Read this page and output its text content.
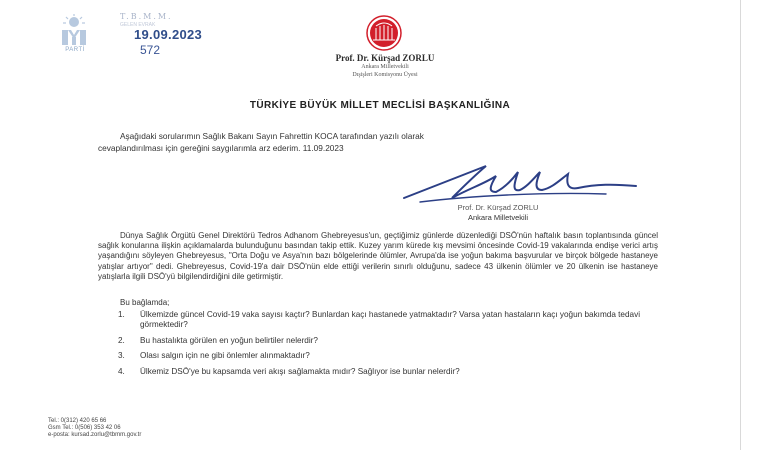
PARTİ
T.B.M.M.
GELEN EVRAK
19.09.2023
572
Prof. Dr. Kürşad ZORLU
Ankara Milletvekili
Dışişleri Komisyonu Üyesi
TÜRKİYE BÜYÜK MİLLET MECLİSİ BAŞKANLIĞINA
Aşağıdaki sorularımın Sağlık Bakanı Sayın Fahrettin KOCA tarafından yazılı olarak
cevaplandırılması için gereğini saygılarımla arz ederim. 11.09.2023
Prof. Dr. Kürşad ZORLU
Ankara Milletvekili
Dünya Sağlık Örgütü Genel Direktörü Tedros Adhanom Ghebreyesus'un, geçtiğimiz günlerde düzenlediği DSÖ'nün haftalık basın toplantısında güncel sağlık konularına ilişkin açıklamalarda bulunduğunu basından takip ettik. Kuzey yarım kürede kış mevsimi öncesinde Covid-19 vakalarında endişe verici artış yaşandığını söyleyen Ghebreyesus, "Orta Doğu ve Asya'nın bazı bölgelerinde ölümler, Avrupa'da ise yoğun bakıma başvurular ve birçok bölgede hastaneye yatışlar artıyor" dedi. Ghebreyesus, Covid-19'a dair DSÖ'nün elde ettiği verilerin sınırlı olduğunu, sadece 43 ülkenin ölümler ve 20 ülkenin ise hastaneye yatışlarla ilgili DSÖ'yü bilgilendirdiğini dile getirmiştir.
Bu bağlamda;
1.	Ülkemizde güncel Covid-19 vaka sayısı kaçtır? Bunlardan kaçı hastanede yatmaktadır? Varsa yatan hastaların kaçı yoğun bakımda tedavi görmektedir?
2.	Bu hastalıkta görülen en yoğun belirtiler nelerdir?
3.	Olası salgın için ne gibi önlemler alınmaktadır?
4.	Ülkemiz DSÖ'ye bu kapsamda veri akışı sağlamakta mıdır? Sağlıyor ise bunlar nelerdir?
Tel.: 0(312) 420 65 66
Gsm Tel.: 0(506) 353 42 06
e-posta: kursad.zorlu@tbmm.gov.tr
